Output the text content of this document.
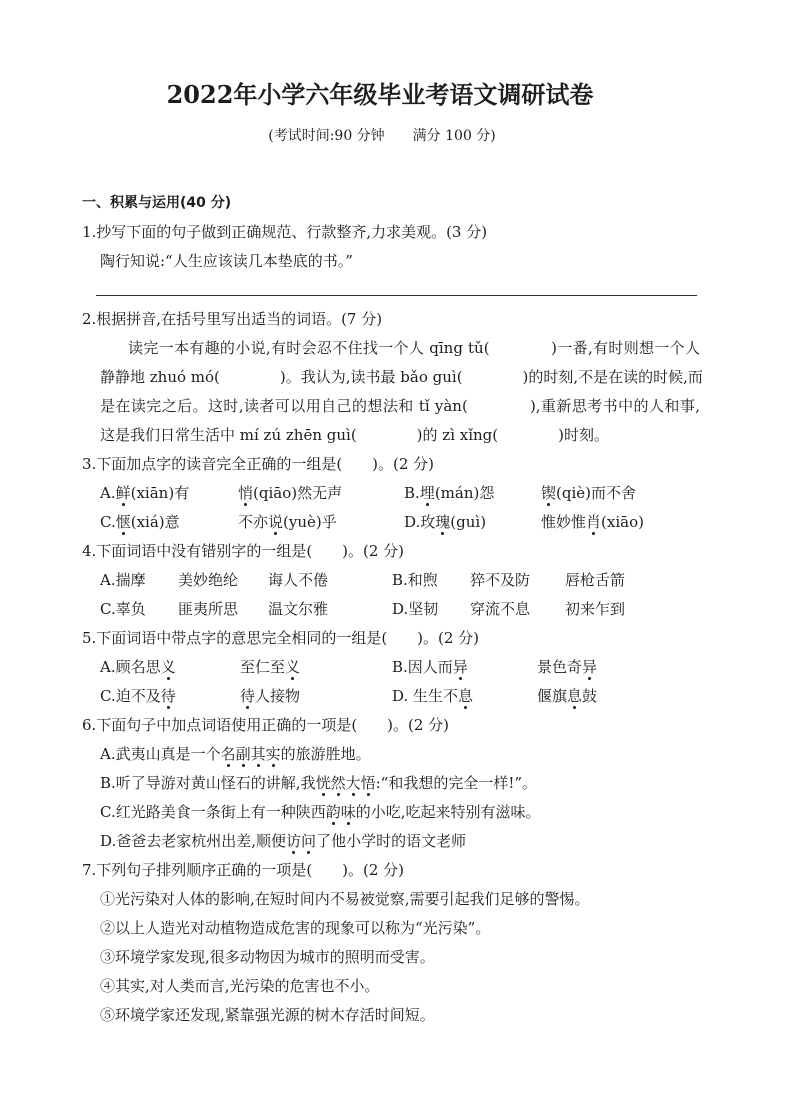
2022年小学六年级毕业考语文调研试卷
(考试时间:90 分钟　　满分 100 分)
一、积累与运用(40 分)
1.抄写下面的句子做到正确规范、行款整齐,力求美观。(3 分)
陶行知说:“人生应该读几本垫底的书。”
2.根据拼音,在括号里写出适当的词语。(7 分)
读完一本有趣的小说,有时会忍不住找一个人 qīng tǔ(　　　　)一番,有时则想一个人
静静地 zhuó mó(　　　　)。我认为,读书最 bǎo guì(　　　　)的时刻,不是在读的时候,而
是在读完之后。这时,读者可以用自己的想法和 tǐ yàn(　　　　),重新思考书中的人和事,
这是我们日常生活中 mí zú zhēn guì(　　　　)的 zì xǐng(　　　　)时刻。
3.下面加点字的读音完全正确的一组是(　　)。(2 分)
A.鲜(xiān)有	悄(qiāo)然无声	B.埋(mán)怨	锲(qiè)而不舍
C.惬(xiá)意	不亦说(yuè)乎	D.玫瑰(guì)	惟妙惟肖(xiāo)
4.下面词语中没有错别字的一组是(　　)。(2 分)
A.揣摩	美妙绝纶	诲人不倦	B.和煦	猝不及防	唇枪舌箭
C.辜负	匪夷所思	温文尔雅	D.坚韧	穿流不息	初来乍到
5.下面词语中带点字的意思完全相同的一组是(　　)。(2 分)
A.顾名思义	至仁至义	B.因人而异	景色奇异
C.迫不及待	待人接物	D. 生生不息	偃旗息鼓
6.下面句子中加点词语使用正确的一项是(　　)。(2 分)
A.武夷山真是一个名副其实的旅游胜地。
B.听了导游对黄山怪石的讲解,我恍然大悟:“和我想的完全一样!”。
C.红光路美食一条街上有一种陕西韵味的小吃,吃起来特别有滋味。
D.爸爸去老家杭州出差,顺便访问了他小学时的语文老师
7.下列句子排列顺序正确的一项是(　　)。(2 分)
①光污染对人体的影响,在短时间内不易被觉察,需要引起我们足够的警惕。
②以上人造光对动植物造成危害的现象可以称为“光污染”。
③环境学家发现,很多动物因为城市的照明而受害。
④其实,对人类而言,光污染的危害也不小。
⑤环境学家还发现,紧靠强光源的树木存活时间短。
